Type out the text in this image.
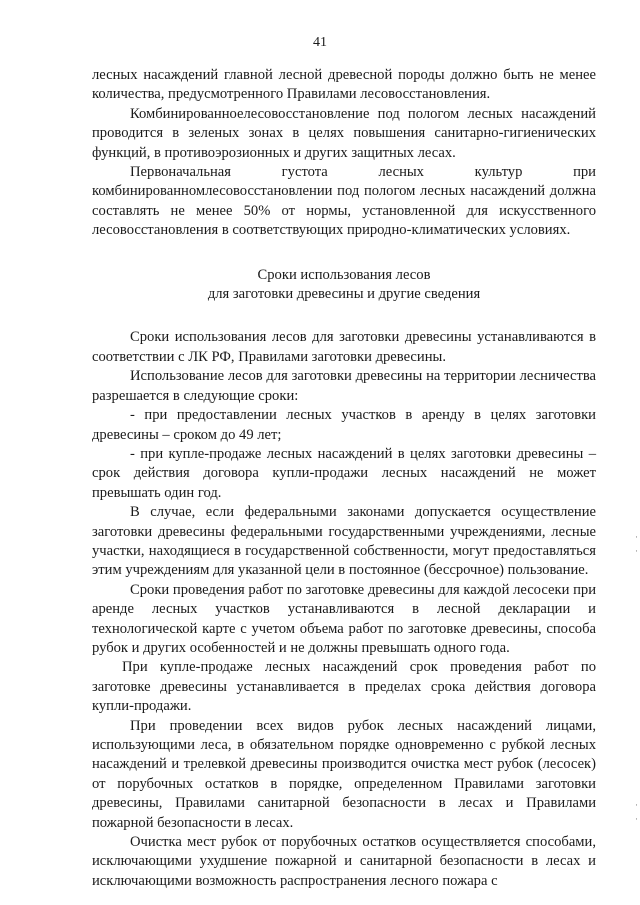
41

лесных насаждений главной лесной древесной породы должно быть не менее количества, предусмотренного Правилами лесовосстановления.

Комбинированноелесовосстановление под пологом лесных насаждений проводится в зеленых зонах в целях повышения санитарно-гигиенических функций, в противоэрозионных и других защитных лесах.

Первоначальная густота лесных культур при комбинированномлесовосстановлении под пологом лесных насаждений должна составлять не менее 50% от нормы, установленной для искусственного лесовосстановления в соответствующих природно-климатических условиях.

Сроки использования лесов
для заготовки древесины и другие сведения

Сроки использования лесов для заготовки древесины устанавливаются в соответствии с ЛК РФ, Правилами заготовки древесины.

Использование лесов для заготовки древесины на территории лесничества разрешается в следующие сроки:

- при предоставлении лесных участков в аренду в целях заготовки древесины – сроком до 49 лет;

- при купле-продаже лесных насаждений в целях заготовки древесины – срок действия договора купли-продажи лесных насаждений не может превышать один год.

В случае, если федеральными законами допускается осуществление заготовки древесины федеральными государственными учреждениями, лесные участки, находящиеся в государственной собственности, могут предоставляться этим учреждениям для указанной цели в постоянное (бессрочное) пользование.

Сроки проведения работ по заготовке древесины для каждой лесосеки при аренде лесных участков устанавливаются в лесной декларации и технологической карте с учетом объема работ по заготовке древесины, способа рубок и других особенностей и не должны превышать одного года.

При купле-продаже лесных насаждений срок проведения работ по заготовке древесины устанавливается в пределах срока действия договора купли-продажи.

При проведении всех видов рубок лесных насаждений лицами, использующими леса, в обязательном порядке одновременно с рубкой лесных насаждений и трелевкой древесины производится очистка мест рубок (лесосек) от порубочных остатков в порядке, определенном Правилами заготовки древесины, Правилами санитарной безопасности в лесах и Правилами пожарной безопасности в лесах.

Очистка мест рубок от порубочных остатков осуществляется способами, исключающими ухудшение пожарной и санитарной безопасности в лесах и исключающими возможность распространения лесного пожара с

·
·
·
·
